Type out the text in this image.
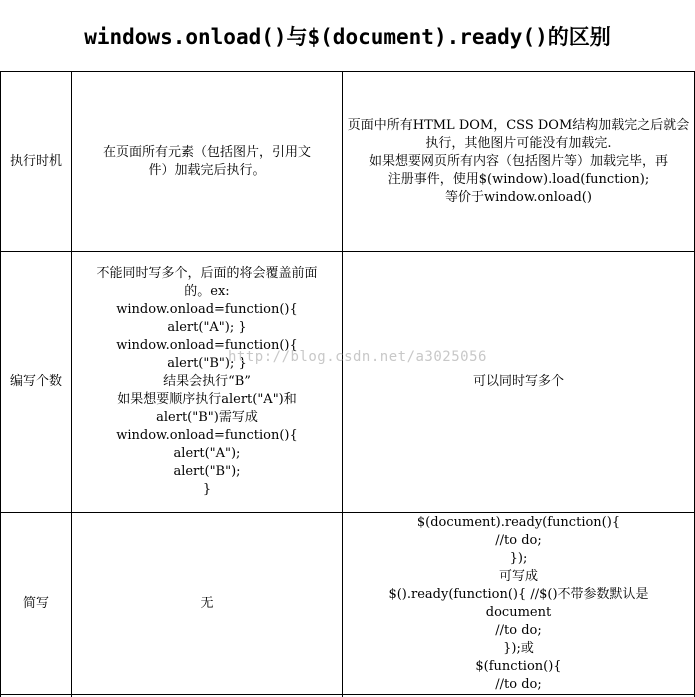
windows.onload()与$(document).ready()的区别
执行时机
在页面所有元素（包括图片，引用文
件）加载完后执行。
页面中所有HTML DOM，CSS DOM结构加载完之后就会
执行，其他图片可能没有加载完.
如果想要网页所有内容（包括图片等）加载完毕，再
注册事件，使用$(window).load(function);
等价于window.onload()
编写个数
不能同时写多个，后面的将会覆盖前面
的。ex:
window.onload=function(){
alert("A"); }
window.onload=function(){
alert("B"); }
结果会执行“B”
如果想要顺序执行alert("A")和
alert("B")需写成
window.onload=function(){
alert("A");
alert("B");
}
可以同时写多个
简写	无
$(document).ready(function(){
//to do;
});
可写成
$().ready(function(){ //$()不带参数默认是
document
//to do;
});或
$(function(){
//to do;
http://blog.csdn.net/a3025056
